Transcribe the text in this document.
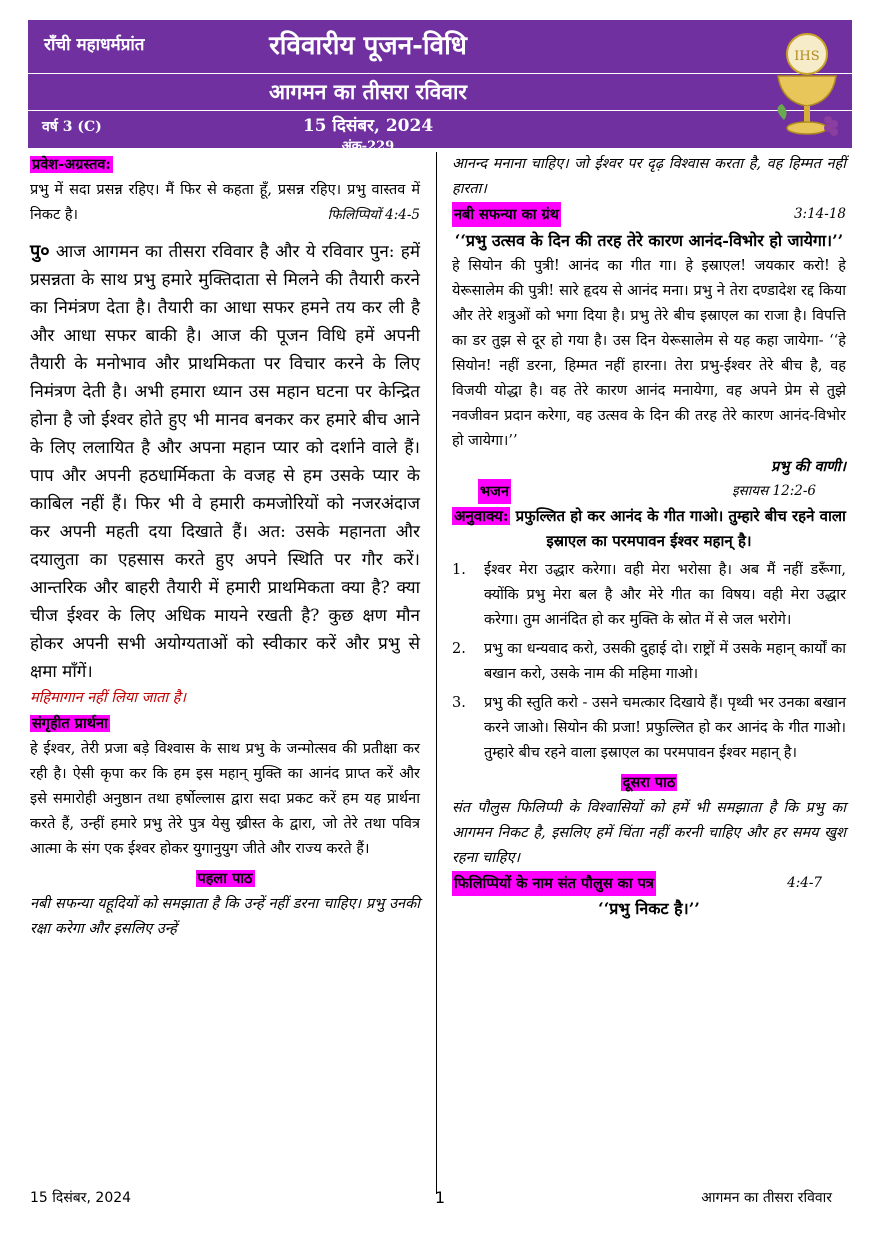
राँची महाधर्मप्रांत	रविवारीय पूजन-विधि
आगमन का तीसरा रविवार
वर्ष 3 (C)	15 दिसंबर, 2024
अंक-229
IHS
प्रवेश-अग्रस्तव:
प्रभु में सदा प्रसन्न रहिए। मैं फिर से कहता हूँ, प्रसन्न रहिए। प्रभु वास्तव में निकट है।	फिलिप्पियों 4:4-5
पु० आज आगमन का तीसरा रविवार है और ये रविवार पुन: हमें प्रसन्नता के साथ प्रभु हमारे मुक्तिदाता से मिलने की तैयारी करने का निमंत्रण देता है। तैयारी का आधा सफर हमने तय कर ली है और आधा सफर बाकी है। आज की पूजन विधि हमें अपनी तैयारी के मनोभाव और प्राथमिकता पर विचार करने के लिए निमंत्रण देती है। अभी हमारा ध्यान उस महान घटना पर केन्द्रित होना है जो ईश्वर होते हुए भी मानव बनकर कर हमारे बीच आने के लिए ललायित है और अपना महान प्यार को दर्शाने वाले हैं। पाप और अपनी हठधार्मिकता के वजह से हम उसके प्यार के काबिल नहीं हैं। फिर भी वे हमारी कमजोरियों को नजरअंदाज कर अपनी महती दया दिखाते हैं। अत: उसके महानता और दयालुता का एहसास करते हुए अपने स्थिति पर गौर करें। आन्तरिक और बाहरी तैयारी में हमारी प्राथमिकता क्या है? क्या चीज ईश्वर के लिए अधिक मायने रखती है? कुछ क्षण मौन होकर अपनी सभी अयोग्यताओं को स्वीकार करें और प्रभु से क्षमा माँगें।
महिमागान नहीं लिया जाता है।
संगृहीत प्रार्थना
हे ईश्वर, तेरी प्रजा बड़े विश्वास के साथ प्रभु के जन्मोत्सव की प्रतीक्षा कर रही है। ऐसी कृपा कर कि हम इस महान् मुक्ति का आनंद प्राप्त करें और इसे समारोही अनुष्ठान तथा हर्षोल्लास द्वारा सदा प्रकट करें हम यह प्रार्थना करते हैं, उन्हीं हमारे प्रभु तेरे पुत्र येसु ख्रीस्त के द्वारा, जो तेरे तथा पवित्र आत्मा के संग एक ईश्वर होकर युगानुयुग जीते और राज्य करते हैं।
पहला पाठ
नबी सफन्या यहूदियों को समझाता है कि उन्हें नहीं डरना चाहिए। प्रभु उनकी रक्षा करेगा और इसलिए उन्हें
आनन्द मनाना चाहिए। जो ईश्वर पर दृढ़ विश्वास करता है, वह हिम्मत नहीं हारता।
नबी सफन्या का ग्रंथ	3:14-18
‘‘प्रभु उत्सव के दिन की तरह तेरे कारण आनंद-विभोर हो जायेगा।’’
हे सियोन की पुत्री! आनंद का गीत गा। हे इस्राएल! जयकार करो! हे येरूसालेम की पुत्री! सारे हृदय से आनंद मना। प्रभु ने तेरा दण्डादेश रद्द किया और तेरे शत्रुओं को भगा दिया है। प्रभु तेरे बीच इस्राएल का राजा है। विपत्ति का डर तुझ से दूर हो गया है। उस दिन येरूसालेम से यह कहा जायेगा- ‘‘हे सियोन! नहीं डरना, हिम्मत नहीं हारना। तेरा प्रभु-ईश्वर तेरे बीच है, वह विजयी योद्धा है। वह तेरे कारण आनंद मनायेगा, वह अपने प्रेम से तुझे नवजीवन प्रदान करेगा, वह उत्सव के दिन की तरह तेरे कारण आनंद-विभोर हो जायेगा।’’
प्रभु की वाणी।
भजन	इसायस 12:2-6
अनुवाक्य: प्रफुल्लित हो कर आनंद के गीत गाओ। तुम्हारे बीच रहने वाला इस्राएल का परमपावन ईश्वर महान् है।
1.	ईश्वर मेरा उद्धार करेगा। वही मेरा भरोसा है। अब मैं नहीं डरूँगा, क्योंकि प्रभु मेरा बल है और मेरे गीत का विषय। वही मेरा उद्धार करेगा। तुम आनंदित हो कर मुक्ति के स्रोत में से जल भरोगे।
2.	प्रभु का धन्यवाद करो, उसकी दुहाई दो। राष्ट्रों में उसके महान् कार्यों का बखान करो, उसके नाम की महिमा गाओ।
3.	प्रभु की स्तुति करो - उसने चमत्कार दिखाये हैं। पृथ्वी भर उनका बखान करने जाओ। सियोन की प्रजा! प्रफुल्लित हो कर आनंद के गीत गाओ। तुम्हारे बीच रहने वाला इस्राएल का परमपावन ईश्वर महान् है।
दूसरा पाठ
संत पौलुस फिलिप्पी के विश्वासियों को हमें भी समझाता है कि प्रभु का आगमन निकट है, इसलिए हमें चिंता नहीं करनी चाहिए और हर समय खुश रहना चाहिए।
फिलिप्पियों के नाम संत पौलुस का पत्र	4:4-7
‘‘प्रभु निकट है।’’
15 दिसंबर, 2024	1	आगमन का तीसरा रविवार
